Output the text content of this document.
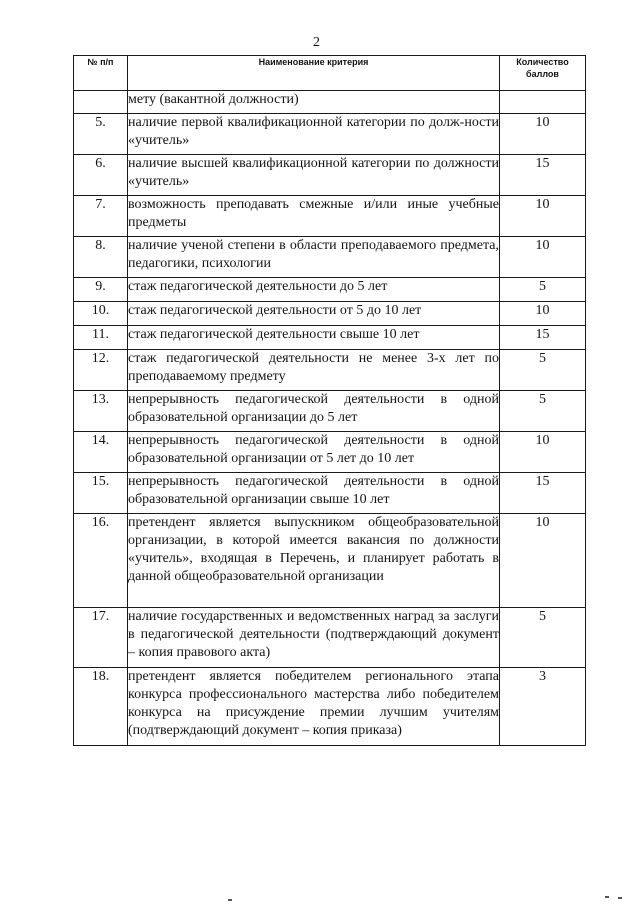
2
№ п/п	Наименование критерия	Количество баллов
	мету (вакантной должности)	
5.	наличие первой квалификационной категории по долж-ности «учитель»	10
6.	наличие высшей квалификационной категории по должности «учитель»	15
7.	возможность преподавать смежные и/или иные учебные предметы	10
8.	наличие ученой степени в области преподаваемого предмета, педагогики, психологии	10
9.	стаж педагогической деятельности до 5 лет	5
10.	стаж педагогической деятельности от 5 до 10 лет	10
11.	стаж педагогической деятельности свыше 10 лет	15
12.	стаж педагогической деятельности не менее 3-х лет по преподаваемому предмету	5
13.	непрерывность педагогической деятельности в одной образовательной организации до 5 лет	5
14.	непрерывность педагогической деятельности в одной образовательной организации от 5 лет до 10 лет	10
15.	непрерывность педагогической деятельности в одной образовательной организации свыше 10 лет	15
16.	претендент является выпускником общеобразовательной организации, в которой имеется вакансия по должности «учитель», входящая в Перечень, и планирует работать в данной общеобразовательной организации	10
17.	наличие государственных и ведомственных наград за заслуги в педагогической деятельности (подтверждающий документ – копия правового акта)	5
18.	претендент является победителем регионального этапа конкурса профессионального мастерства либо победителем конкурса на присуждение премии лучшим учителям (подтверждающий документ – копия приказа)	3
